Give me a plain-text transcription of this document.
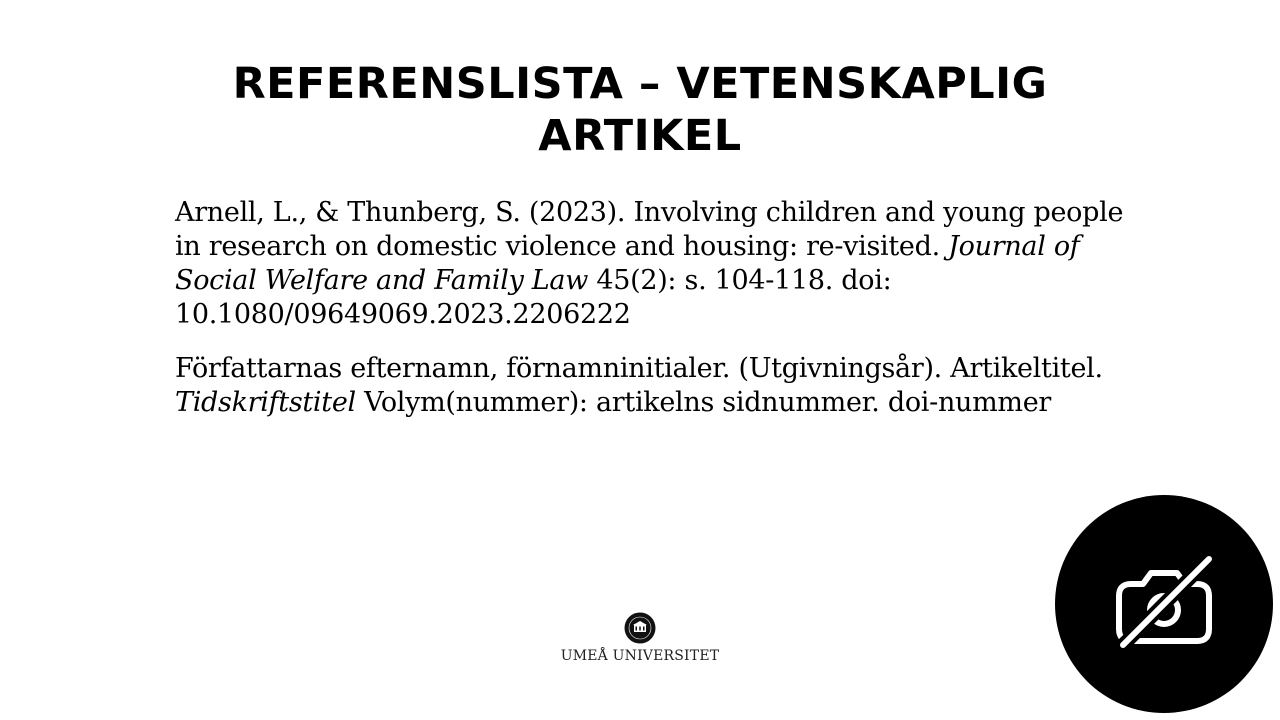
REFERENSLISTA – VETENSKAPLIG ARTIKEL

Arnell, L., & Thunberg, S. (2023). Involving children and young people in research on domestic violence and housing: re-visited. Journal of Social Welfare and Family Law 45(2): s. 104-118. doi: 10.1080/09649069.2023.2206222

Författarnas efternamn, förnamninitialer. (Utgivningsår). Artikeltitel. Tidskriftstitel Volym(nummer): artikelns sidnummer. doi-nummer

UMEÅ UNIVERSITET
